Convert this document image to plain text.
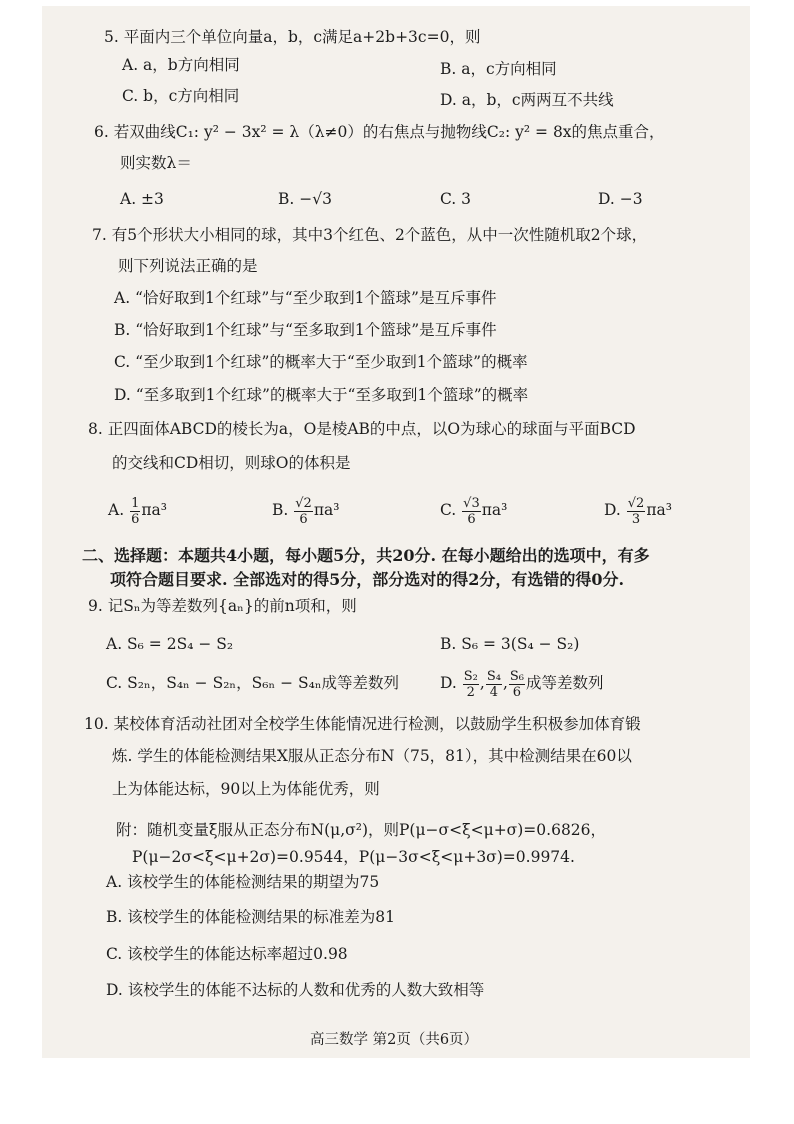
5. 平面内三个单位向量a，b，c满足a+2b+3c=0，则
A. a，b方向相同	B. a，c方向相同
C. b，c方向相同	D. a，b，c两两互不共线
6. 若双曲线C₁: y² − 3x² = λ（λ≠0）的右焦点与抛物线C₂: y² = 8x的焦点重合，
则实数λ＝
A. ±3	B. −√3	C. 3	D. −3
7. 有5个形状大小相同的球，其中3个红色、2个蓝色，从中一次性随机取2个球，
则下列说法正确的是
A. “恰好取到1个红球”与“至少取到1个篮球”是互斥事件
B. “恰好取到1个红球”与“至多取到1个篮球”是互斥事件
C. “至少取到1个红球”的概率大于“至少取到1个篮球”的概率
D. “至多取到1个红球”的概率大于“至多取到1个篮球”的概率
8. 正四面体ABCD的棱长为a，O是棱AB的中点，以O为球心的球面与平面BCD
的交线和CD相切，则球O的体积是
A. $\frac{1}{6} \pi a^3$	B. $\frac{√2}{6} \pi a^3$	C. $\frac{√3}{6} \pi a^3$	D. $\frac{√2}{3} \pi a^3$
二、选择题：本题共4小题，每小题5分，共20分. 在每小题给出的选项中，有多
项符合题目要求. 全部选对的得5分，部分选对的得2分，有选错的得0分.
9. 记Sₙ为等差数列{aₙ}的前n项和，则
A. S₆ = 2S₄ − S₂	B. S₆ = 3(S₄ − S₂)
C. S₂ₙ，S₄ₙ − S₂ₙ，S₆ₙ − S₄ₙ成等差数列	D. $\frac{\text{S₂}}{2}$ , $\frac{\text{S₄}}{4}$ , $\frac{\text{S₆}}{6}$ 成等差数列
10. 某校体育活动社团对全校学生体能情况进行检测，以鼓励学生积极参加体育锻
炼. 学生的体能检测结果X服从正态分布N（75，81），其中检测结果在60以
上为体能达标，90以上为体能优秀，则
附：随机变量ξ服从正态分布N(μ,σ²)，则P(μ−σ<ξ<μ+σ)=0.6826，
P(μ−2σ<ξ<μ+2σ)=0.9544，P(μ−3σ<ξ<μ+3σ)=0.9974.
A. 该校学生的体能检测结果的期望为75
B. 该校学生的体能检测结果的标准差为81
C. 该校学生的体能达标率超过0.98
D. 该校学生的体能不达标的人数和优秀的人数大致相等
高三数学 第2页（共6页）
